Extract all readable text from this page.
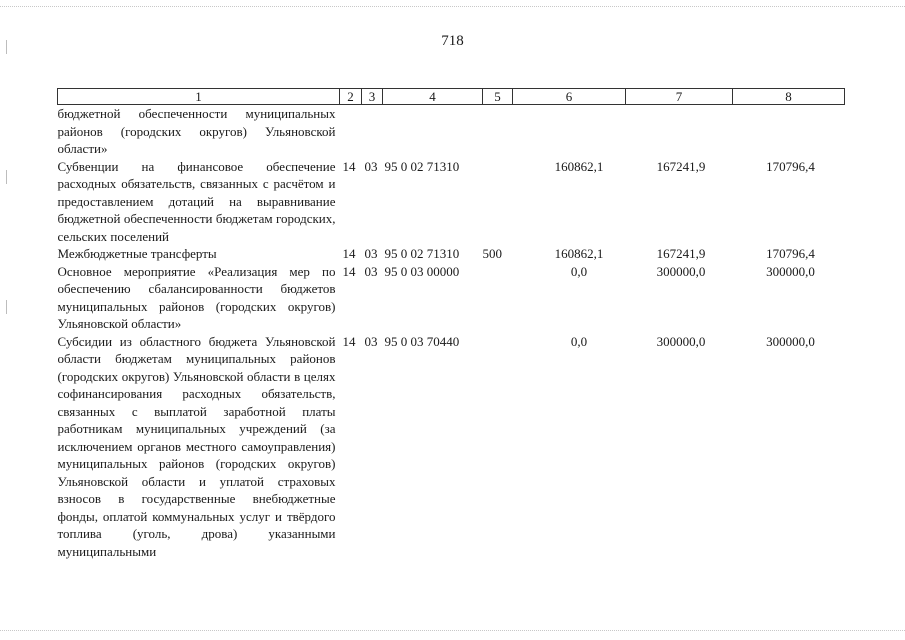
718
1	2	3	4	5	6	7	8
бюджетной обеспеченности муниципальных районов (городских округов) Ульяновской области»							
Субвенции на финансовое обеспечение расходных обязательств, связанных с расчётом и предоставлением дотаций на выравнивание бюджетной обеспеченности бюджетам городских, сельских поселений	14	03	95 0 02 71310		160862,1	167241,9	170796,4
Межбюджетные трансферты	14	03	95 0 02 71310	500	160862,1	167241,9	170796,4
Основное мероприятие «Реализация мер по обеспечению сбалансированности бюджетов муниципальных районов (городских округов) Ульяновской области»	14	03	95 0 03 00000		0,0	300000,0	300000,0
Субсидии из областного бюджета Ульяновской области бюджетам муниципальных районов (городских округов) Ульяновской области в целях софинансирования расходных обязательств, связанных с выплатой заработной платы работникам муниципальных учреждений (за исключением органов местного самоуправления) муниципальных районов (городских округов) Ульяновской области и уплатой страховых взносов в государственные внебюджетные фонды, оплатой коммунальных услуг и твёрдого топлива (уголь, дрова) указанными муниципальными	14	03	95 0 03 70440		0,0	300000,0	300000,0
